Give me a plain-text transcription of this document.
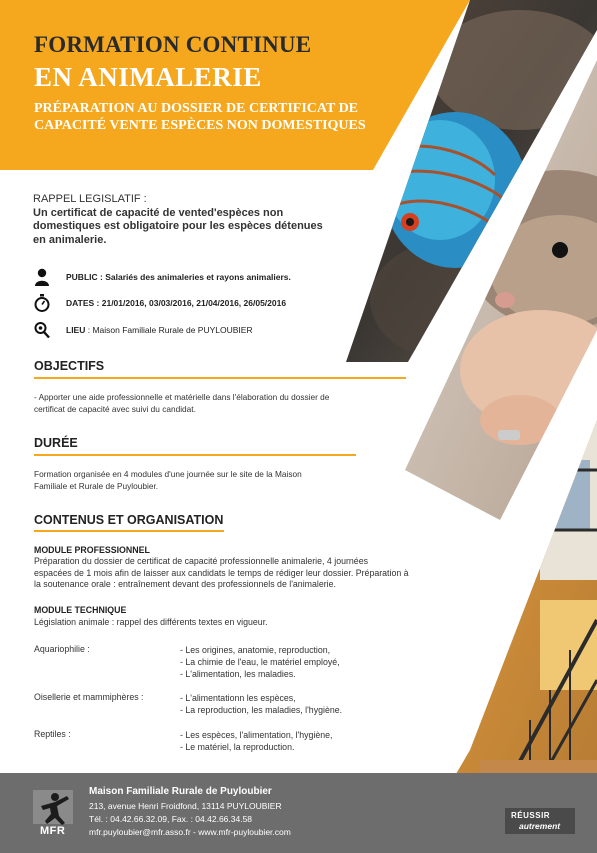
FORMATION CONTINUE
EN ANIMALERIE
PRÉPARATION AU DOSSIER DE CERTIFICAT DE
CAPACITÉ VENTE ESPÈCES NON DOMESTIQUES
RAPPEL LEGISLATIF :
Un certificat de capacité de vented'espèces non
domestiques est obligatoire pour les espèces détenues
en animalerie.
PUBLIC : Salariés des animaleries et rayons animaliers.
DATES : 21/01/2016, 03/03/2016, 21/04/2016, 26/05/2016
LIEU : Maison Familiale Rurale de PUYLOUBIER
OBJECTIFS
- Apporter une aide professionnelle et matérielle dans l'élaboration du dossier de
certificat de capacité avec suivi du candidat.
DURÉE
Formation organisée en 4 modules d'une journée sur le site de la Maison
Familiale et Rurale de Puyloubier.
CONTENUS ET ORGANISATION
MODULE PROFESSIONNEL
Préparation du dossier de certificat de capacité professionnelle animalerie, 4 journées
espacées de 1 mois afin de laisser aux candidats le temps de rédiger leur dossier. Préparation à
la soutenance orale : entraînement devant des professionnels de l'animalerie.
MODULE TECHNIQUE
Législation animale : rappel des différents textes en vigueur.
Aquariophilie :	- Les origines, anatomie, reproduction,
- La chimie de l'eau, le matériel employé,
- L'alimentation, les maladies.
Oisellerie et mammiphères :	- L'alimentationn les espèces,
- La reproduction, les maladies, l'hygiène.
Reptiles :	- Les espèces, l'alimentation, l'hygiène,
- Le matériel, la reproduction.
MFR
Maison Familiale Rurale de Puyloubier
213, avenue Henri Froidfond, 13114 PUYLOUBIER
Tél. : 04.42.66.32.09, Fax. : 04.42.66.34.58
mfr.puyloubier@mfr.asso.fr - www.mfr-puyloubier.com
RÉUSSIR
autrement
